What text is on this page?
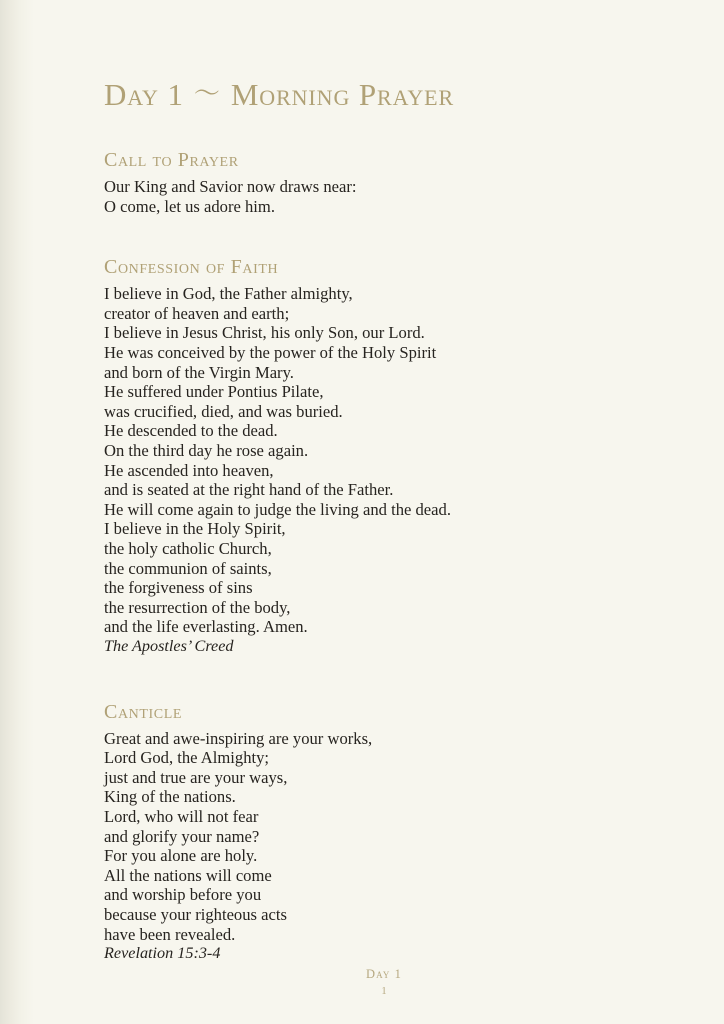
Day 1 〜 Morning Prayer
Call to Prayer
Our King and Savior now draws near:
O come, let us adore him.
Confession of Faith
I believe in God, the Father almighty,
creator of heaven and earth;
I believe in Jesus Christ, his only Son, our Lord.
He was conceived by the power of the Holy Spirit
and born of the Virgin Mary.
He suffered under Pontius Pilate,
was crucified, died, and was buried.
He descended to the dead.
On the third day he rose again.
He ascended into heaven,
and is seated at the right hand of the Father.
He will come again to judge the living and the dead.
I believe in the Holy Spirit,
the holy catholic Church,
the communion of saints,
the forgiveness of sins
the resurrection of the body,
and the life everlasting. Amen.

The Apostles’ Creed

Canticle
Great and awe-inspiring are your works,
Lord God, the Almighty;
just and true are your ways,
King of the nations.
Lord, who will not fear
and glorify your name?
For you alone are holy.
All the nations will come
and worship before you
because your righteous acts
have been revealed.

Revelation 15:3-4

Day 1
1
